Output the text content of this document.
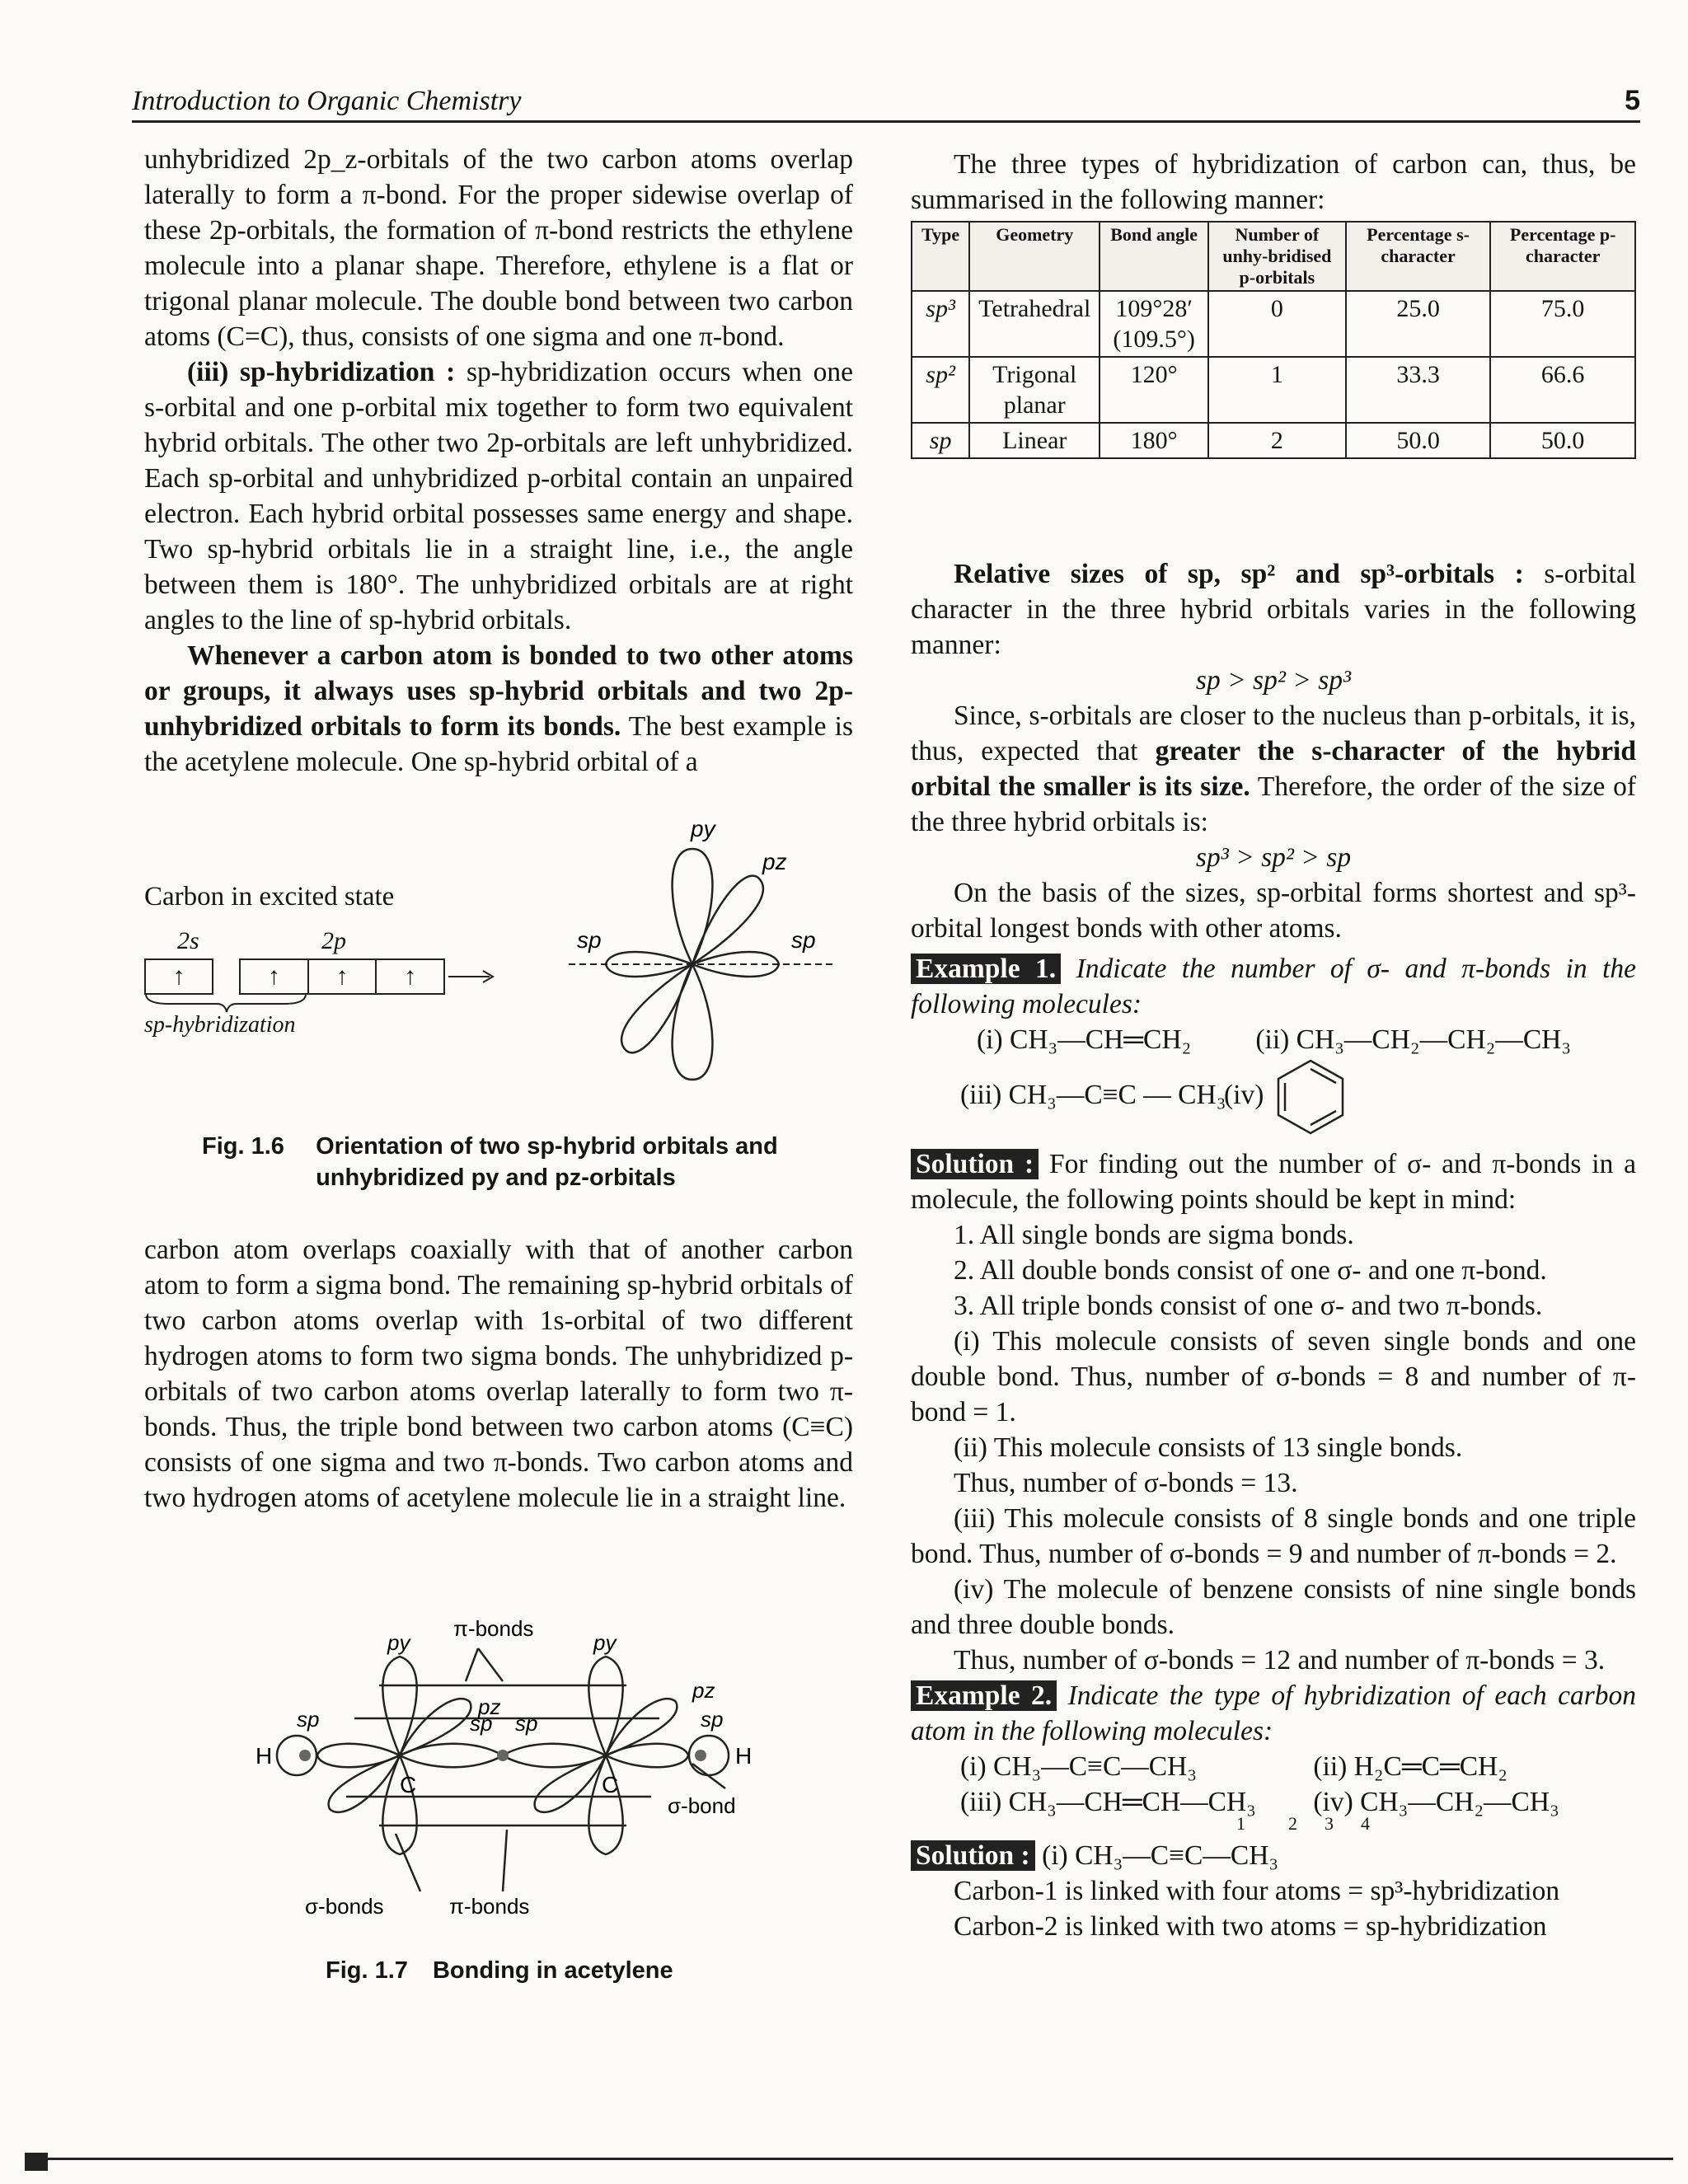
Introduction to Organic Chemistry	5

unhybridized 2p_z-orbitals of the two carbon atoms overlap laterally to form a π-bond. For the proper sidewise overlap of these 2p-orbitals, the formation of π-bond restricts the ethylene molecule into a planar shape. Therefore, ethylene is a flat or trigonal planar molecule. The double bond between two carbon atoms (C=C), thus, consists of one sigma and one π-bond.

(iii) sp-hybridization : sp-hybridization occurs when one s-orbital and one p-orbital mix together to form two equivalent hybrid orbitals. The other two 2p-orbitals are left unhybridized. Each sp-orbital and unhybridized p-orbital contain an unpaired electron. Each hybrid orbital possesses same energy and shape. Two sp-hybrid orbitals lie in a straight line, i.e., the angle between them is 180°. The unhybridized orbitals are at right angles to the line of sp-hybrid orbitals.

Whenever a carbon atom is bonded to two other atoms or groups, it always uses sp-hybrid orbitals and two 2p-unhybridized orbitals to form its bonds. The best example is the acetylene molecule. One sp-hybrid orbital of a

Carbon in excited state
2s	2p
↑	↑	↑	↑
sp-hybridization
py
pz
sp	sp
Fig. 1.6 Orientation of two sp-hybrid orbitals and unhybridized py and pz-orbitals

carbon atom overlaps coaxially with that of another carbon atom to form a sigma bond. The remaining sp-hybrid orbitals of two carbon atoms overlap with 1s-orbital of two different hydrogen atoms to form two sigma bonds. The unhybridized p-orbitals of two carbon atoms overlap laterally to form two π-bonds. Thus, the triple bond between two carbon atoms (C≡C) consists of one sigma and two π-bonds. Two carbon atoms and two hydrogen atoms of acetylene molecule lie in a straight line.

π-bonds
py	py
pz
pz
sp	sp sp	sp
H	H
C	C
σ-bond
σ-bonds	π-bonds
Fig. 1.7 Bonding in acetylene

The three types of hybridization of carbon can, thus, be summarised in the following manner:

Type	Geometry	Bond angle	Number of unhy-bridised p-orbitals	Percentage s-character	Percentage p-character
sp³	Tetrahedral	109°28′ (109.5°)	0	25.0	75.0
sp²	Trigonal planar	120°	1	33.3	66.6
sp	Linear	180°	2	50.0	50.0

Relative sizes of sp, sp² and sp³-orbitals : s-orbital character in the three hybrid orbitals varies in the following manner:

sp > sp² > sp³

Since, s-orbitals are closer to the nucleus than p-orbitals, it is, thus, expected that greater the s-character of the hybrid orbital the smaller is its size. Therefore, the order of the size of the three hybrid orbitals is:

sp³ > sp² > sp

On the basis of the sizes, sp-orbital forms shortest and sp³-orbital longest bonds with other atoms.

Example 1. Indicate the number of σ- and π-bonds in the following molecules:

(i) CH₃—CH═CH₂ (ii) CH₃—CH₂—CH₂—CH₃

(iii) CH₃—C≡C — CH₃
(iv)

Solution : For finding out the number of σ- and π-bonds in a molecule, the following points should be kept in mind:

1. All single bonds are sigma bonds.

2. All double bonds consist of one σ- and one π-bond.

3. All triple bonds consist of one σ- and two π-bonds.

(i) This molecule consists of seven single bonds and one double bond. Thus, number of σ-bonds = 8 and number of π-bond = 1.

(ii) This molecule consists of 13 single bonds.

Thus, number of σ-bonds = 13.

(iii) This molecule consists of 8 single bonds and one triple bond. Thus, number of σ-bonds = 9 and number of π-bonds = 2.

(iv) The molecule of benzene consists of nine single bonds and three double bonds.

Thus, number of σ-bonds = 12 and number of π-bonds = 3.

Example 2. Indicate the type of hybridization of each carbon atom in the following molecules:

(i) CH₃—C≡C—CH₃	(ii) H₂C═C═CH₂

(iii) CH₃—CH═CH—CH₃ (iv) CH₃—CH₂—CH₃

1 2 3 4

Solution : (i) CH₃—C≡C—CH₃

Carbon-1 is linked with four atoms = sp³-hybridization

Carbon-2 is linked with two atoms = sp-hybridization
